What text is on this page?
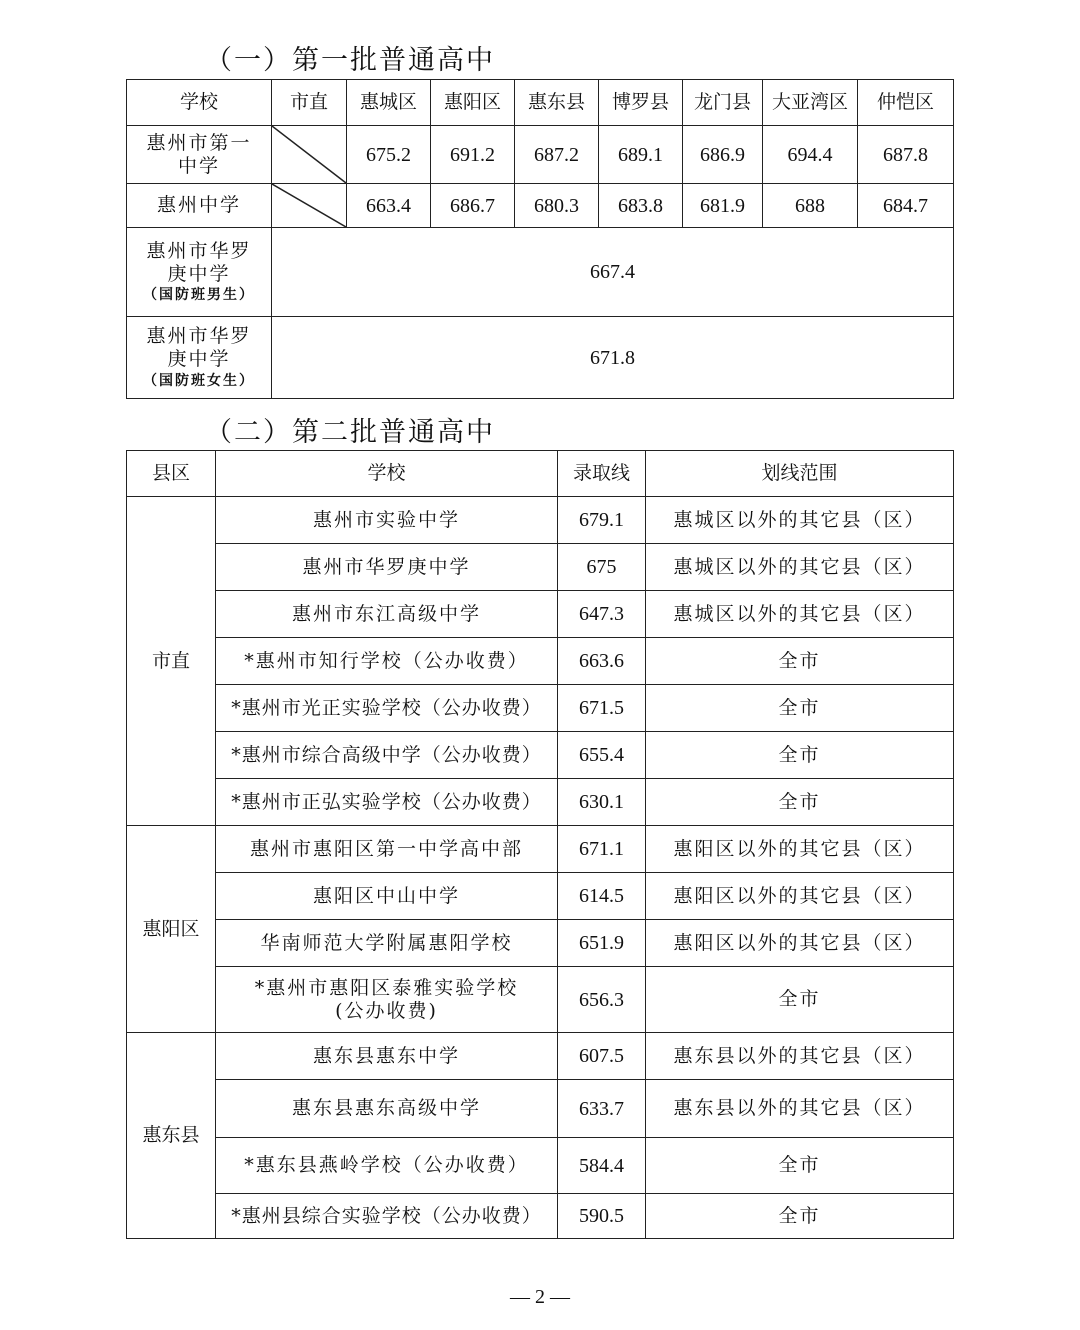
（一）第一批普通高中
学校	市直	惠城区	惠阳区	惠东县	博罗县	龙门县	大亚湾区	仲恺区
惠州市第一中学		675.2	691.2	687.2	689.1	686.9	694.4	687.8
惠州中学		663.4	686.7	680.3	683.8	681.9	688	684.7
惠州市华罗庚中学
（国防班男生）	667.4							
惠州市华罗庚中学
（国防班女生）	671.8							
（二）第二批普通高中
县区	学校	录取线	划线范围
市直	惠州市实验中学	679.1	惠城区以外的其它县（区）
	惠州市华罗庚中学	675	惠城区以外的其它县（区）
	惠州市东江高级中学	647.3	惠城区以外的其它县（区）
	*惠州市知行学校（公办收费）	663.6	全市
	*惠州市光正实验学校（公办收费）	671.5	全市
	*惠州市综合高级中学（公办收费）	655.4	全市
	*惠州市正弘实验学校（公办收费）	630.1	全市
惠阳区	惠州市惠阳区第一中学高中部	671.1	惠阳区以外的其它县（区）
	惠阳区中山中学	614.5	惠阳区以外的其它县（区）
	华南师范大学附属惠阳学校	651.9	惠阳区以外的其它县（区）
	*惠州市惠阳区泰雅实验学校
(公办收费)	656.3	全市
惠东县	惠东县惠东中学	607.5	惠东县以外的其它县（区）
	惠东县惠东高级中学	633.7	惠东县以外的其它县（区）
	*惠东县燕岭学校（公办收费）	584.4	全市
	*惠州县综合实验学校（公办收费）	590.5	全市
— 2 —
